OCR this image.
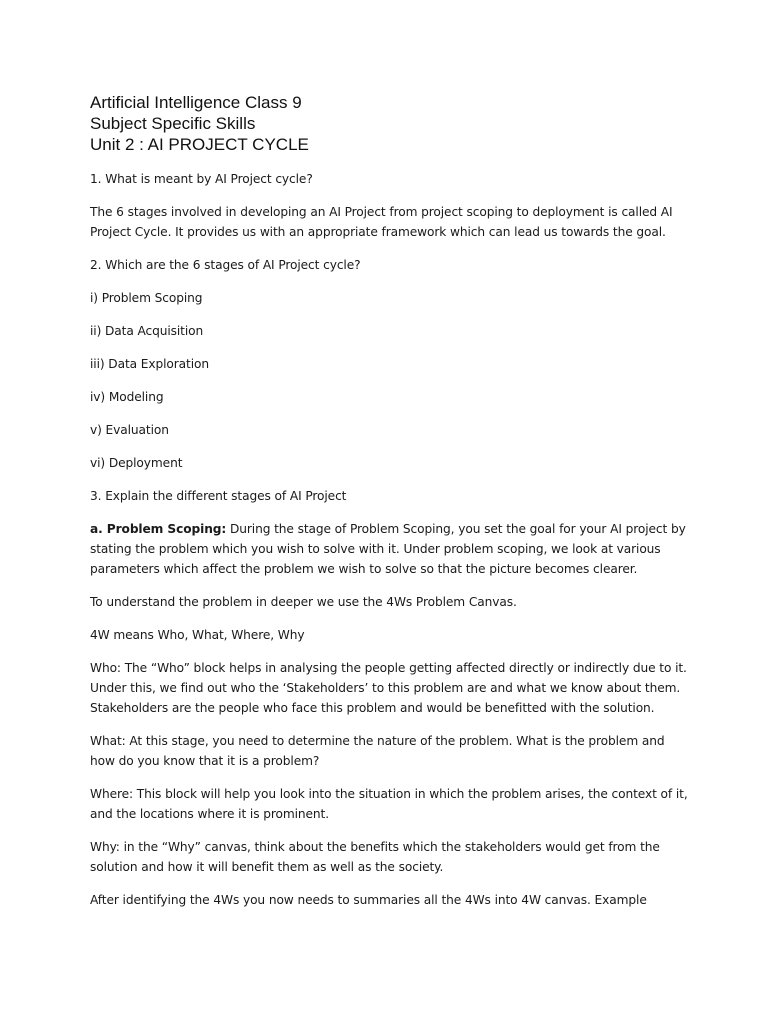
Artificial Intelligence Class 9

Subject Specific Skills

Unit 2 : AI PROJECT CYCLE

1. What is meant by AI Project cycle?

The 6 stages involved in developing an AI Project from project scoping to deployment is called AI Project Cycle. It provides us with an appropriate framework which can lead us towards the goal.

2. Which are the 6 stages of AI Project cycle?

i) Problem Scoping

ii) Data Acquisition

iii) Data Exploration

iv) Modeling

v) Evaluation

vi) Deployment

3. Explain the different stages of AI Project

a. Problem Scoping: During the stage of Problem Scoping, you set the goal for your AI project by stating the problem which you wish to solve with it. Under problem scoping, we look at various parameters which affect the problem we wish to solve so that the picture becomes clearer.

To understand the problem in deeper we use the 4Ws Problem Canvas.

4W means Who, What, Where, Why

Who: The “Who” block helps in analysing the people getting affected directly or indirectly due to it. Under this, we find out who the ‘Stakeholders’ to this problem are and what we know about them. Stakeholders are the people who face this problem and would be benefitted with the solution.

What: At this stage, you need to determine the nature of the problem. What is the problem and how do you know that it is a problem?

Where: This block will help you look into the situation in which the problem arises, the context of it, and the locations where it is prominent.

Why: in the “Why” canvas, think about the benefits which the stakeholders would get from the solution and how it will benefit them as well as the society.

After identifying the 4Ws you now needs to summaries all the 4Ws into 4W canvas. Example
